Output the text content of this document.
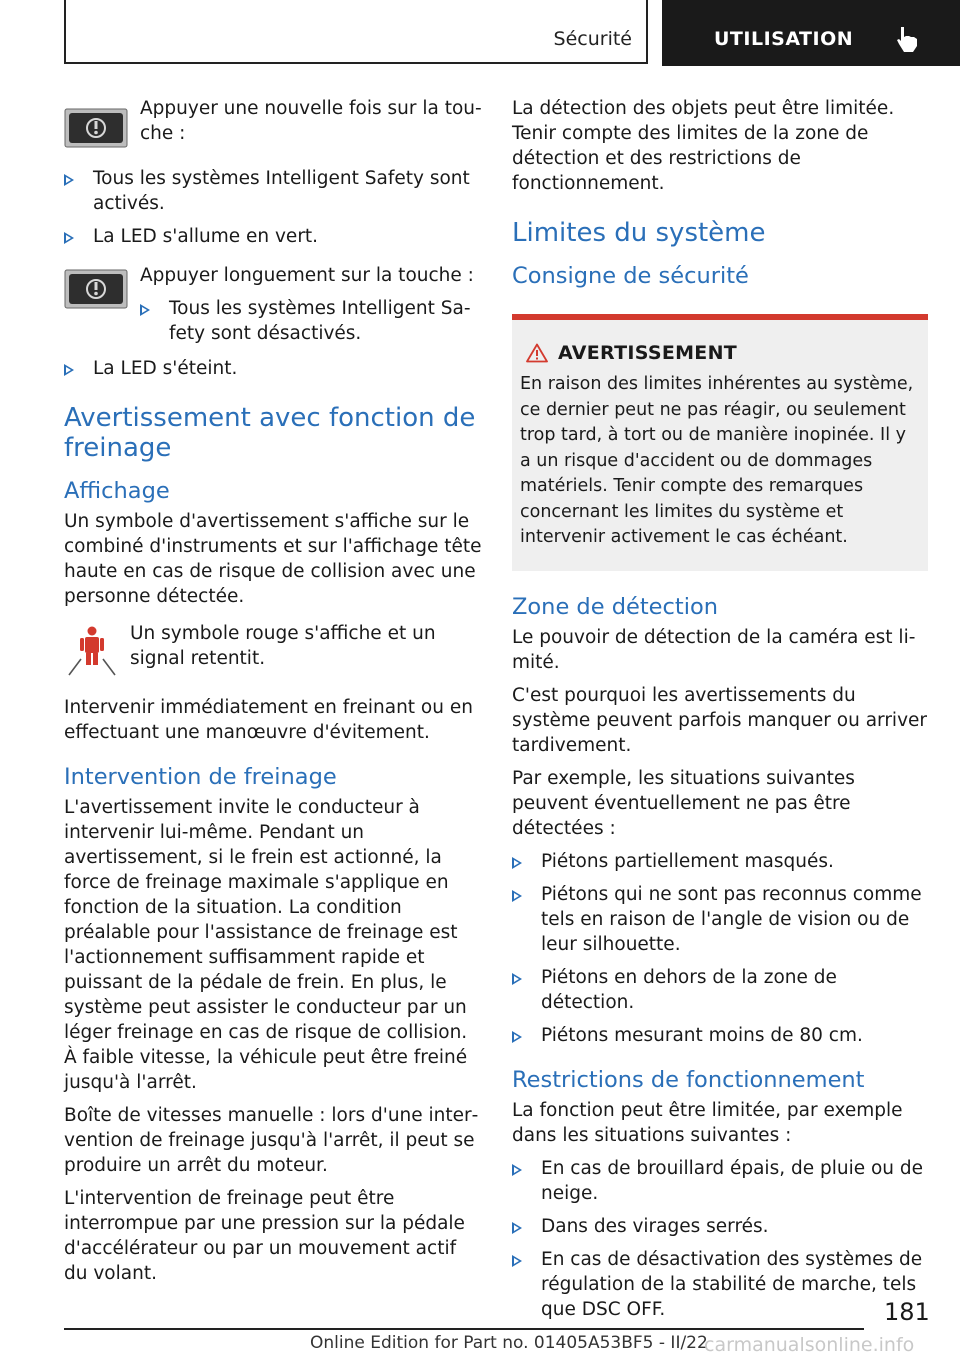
Sécurité	UTILISATION

Appuyer une nouvelle fois sur la touche :

Tous les systèmes Intelligent Safety sont activés.
La LED s'allume en vert.

Appuyer longuement sur la touche :

Tous les systèmes Intelligent Safety sont désactivés.
La LED s'éteint.
Avertissement avec fonction de freinage
Affichage

Un symbole d'avertissement s'affiche sur le combiné d'instruments et sur l'affichage tête haute en cas de risque de collision avec une personne détectée.

Un symbole rouge s'affiche et un signal retentit.

Intervenir immédiatement en freinant ou en effectuant une manœuvre d'évitement.

Intervention de freinage

L'avertissement invite le conducteur à intervenir lui-même. Pendant un avertissement, si le frein est actionné, la force de freinage maximale s'applique en fonction de la situation. La condition préalable pour l'assistance de freinage est l'actionnement suffisamment rapide et puissant de la pédale de frein. En plus, le système peut assister le conducteur par un léger freinage en cas de risque de collision. À faible vitesse, la véhicule peut être freiné jusqu'à l'arrêt.

Boîte de vitesses manuelle : lors d'une intervention de freinage jusqu'à l'arrêt, il peut se produire un arrêt du moteur.

L'intervention de freinage peut être interrompue par une pression sur la pédale d'accélérateur ou par un mouvement actif du volant.

La détection des objets peut être limitée. Tenir compte des limites de la zone de détection et des restrictions de fonctionnement.

Limites du système
Consigne de sécurité
AVERTISSEMENT

En raison des limites inhérentes au système, ce dernier peut ne pas réagir, ou seulement trop tard, à tort ou de manière inopinée. Il y a un risque d'accident ou de dommages matériels. Tenir compte des remarques concernant les limites du système et intervenir activement le cas échéant.

Zone de détection

Le pouvoir de détection de la caméra est limité.

C'est pourquoi les avertissements du système peuvent parfois manquer ou arriver tardivement.

Par exemple, les situations suivantes peuvent éventuellement ne pas être détectées :

Piétons partiellement masqués.
Piétons qui ne sont pas reconnus comme tels en raison de l'angle de vision ou de leur silhouette.
Piétons en dehors de la zone de détection.
Piétons mesurant moins de 80 cm.
Restrictions de fonctionnement

La fonction peut être limitée, par exemple dans les situations suivantes :

En cas de brouillard épais, de pluie ou de neige.
Dans des virages serrés.
En cas de désactivation des systèmes de régulation de la stabilité de marche, tels que DSC OFF.	181
Online Edition for Part no. 01405A53BF5 - II/22
carmanualsonline.info
